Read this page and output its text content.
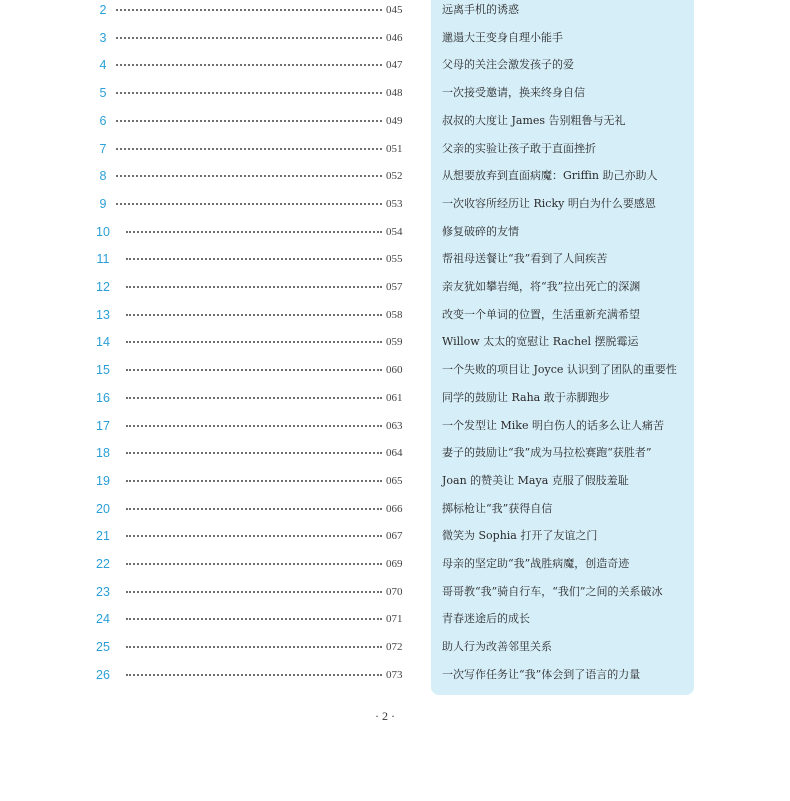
2	045	远离手机的诱惑
3	046	邋遢大王变身自理小能手
4	047	父母的关注会激发孩子的爱
5	048	一次接受邀请，换来终身自信
6	049	叔叔的大度让 James 告别粗鲁与无礼
7	051	父亲的实验让孩子敢于直面挫折
8	052	从想要放弃到直面病魔：Griffin 助己亦助人
9	053	一次收容所经历让 Ricky 明白为什么要感恩
10	054	修复破碎的友情
11	055	帮祖母送餐让“我”看到了人间疾苦
12	057	亲友犹如攀岩绳，将“我”拉出死亡的深渊
13	058	改变一个单词的位置，生活重新充满希望
14	059	Willow 太太的宽慰让 Rachel 摆脱霉运
15	060	一个失败的项目让 Joyce 认识到了团队的重要性
16	061	同学的鼓励让 Raha 敢于赤脚跑步
17	063	一个发型让 Mike 明白伤人的话多么让人痛苦
18	064	妻子的鼓励让“我”成为马拉松赛跑“获胜者”
19	065	Joan 的赞美让 Maya 克服了假肢羞耻
20	066	掷标枪让“我”获得自信
21	067	微笑为 Sophia 打开了友谊之门
22	069	母亲的坚定助“我”战胜病魔，创造奇迹
23	070	哥哥教“我”骑自行车，“我们”之间的关系破冰
24	071	青春迷途后的成长
25	072	助人行为改善邻里关系
26	073	一次写作任务让“我”体会到了语言的力量
· 2 ·
